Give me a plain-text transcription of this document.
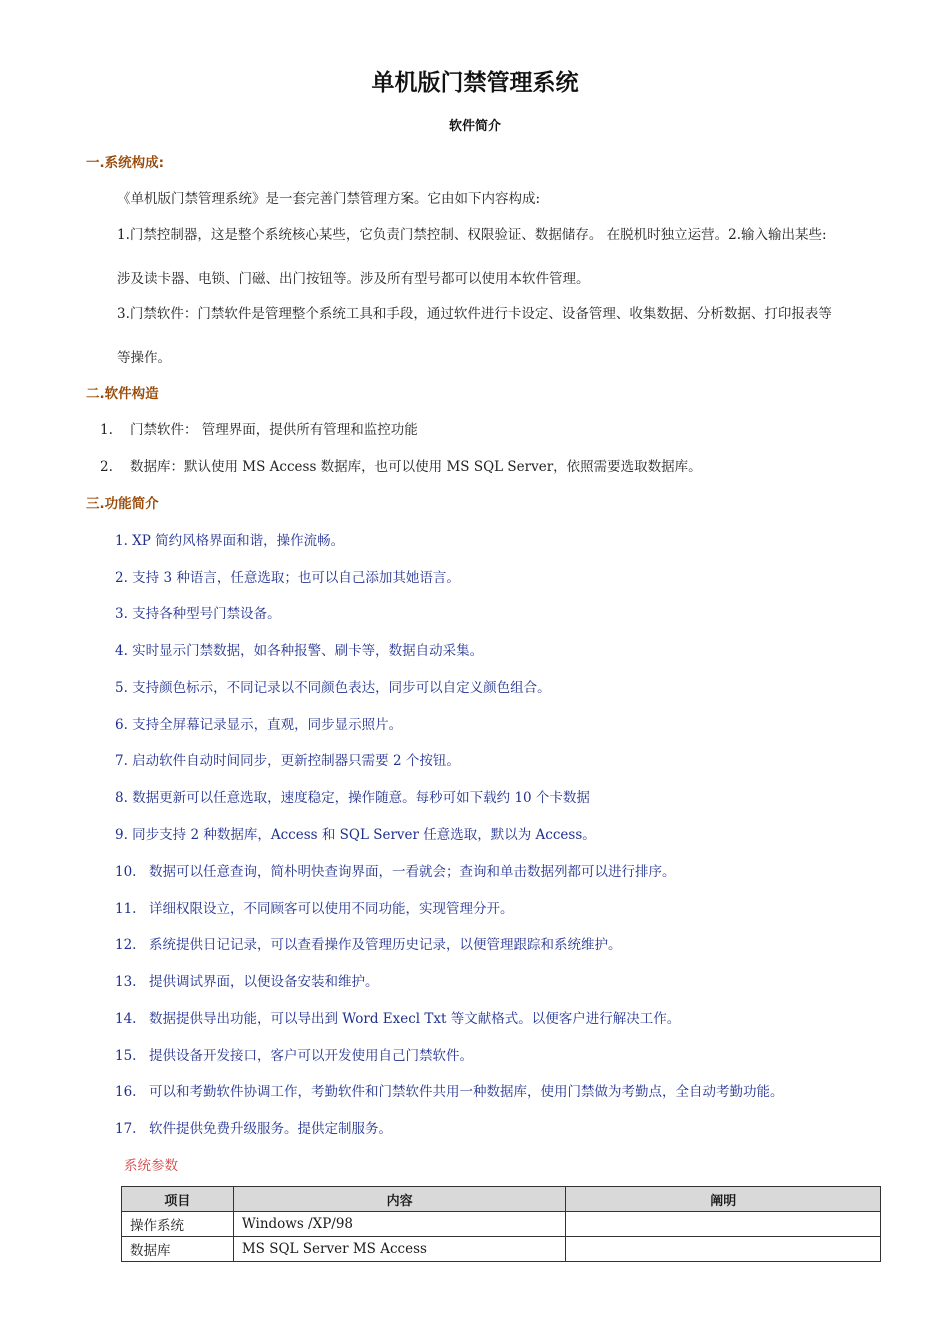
单机版门禁管理系统
软件简介
一.系统构成:
《单机版门禁管理系统》是一套完善门禁管理方案。它由如下内容构成:
1.门禁控制器，这是整个系统核心某些，它负责门禁控制、权限验证、数据储存。 在脱机时独立运营。2.输入输出某些:
涉及读卡器、电锁、门磁、出门按钮等。涉及所有型号都可以使用本软件管理。
3.门禁软件：门禁软件是管理整个系统工具和手段，通过软件进行卡设定、设备管理、收集数据、分析数据、打印报表等
等操作。
二.软件构造
1. 门禁软件： 管理界面，提供所有管理和监控功能
2. 数据库：默认使用 MS Access 数据库，也可以使用 MS SQL Server，依照需要选取数据库。
三.功能简介
1. XP 简约风格界面和谐，操作流畅。
2. 支持 3 种语言，任意选取；也可以自己添加其她语言。
3. 支持各种型号门禁设备。
4. 实时显示门禁数据，如各种报警、刷卡等，数据自动采集。
5. 支持颜色标示，不同记录以不同颜色表达，同步可以自定义颜色组合。
6. 支持全屏幕记录显示，直观，同步显示照片。
7. 启动软件自动时间同步，更新控制器只需要 2 个按钮。
8. 数据更新可以任意选取，速度稳定，操作随意。每秒可如下载约 10 个卡数据
9. 同步支持 2 种数据库，Access 和 SQL Server 任意选取，默以为 Access。
10. 数据可以任意查询，简朴明快查询界面，一看就会；查询和单击数据列都可以进行排序。
11. 详细权限设立，不同顾客可以使用不同功能，实现管理分开。
12. 系统提供日记记录，可以查看操作及管理历史记录，以便管理跟踪和系统维护。
13. 提供调试界面，以便设备安装和维护。
14. 数据提供导出功能，可以导出到 Word Execl Txt 等文献格式。以便客户进行解决工作。
15. 提供设备开发接口，客户可以开发使用自己门禁软件。
16. 可以和考勤软件协调工作，考勤软件和门禁软件共用一种数据库，使用门禁做为考勤点，全自动考勤功能。
17. 软件提供免费升级服务。提供定制服务。
系统参数
项目	内容	阐明
操作系统	Windows /XP/98	
数据库	MS SQL Server MS Access	
